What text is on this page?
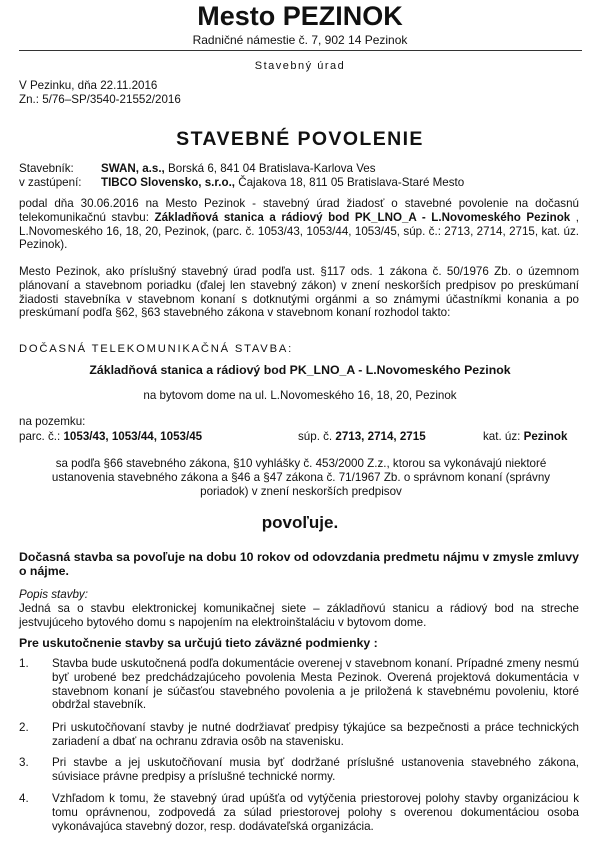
Mesto PEZINOK
Radničné námestie č. 7, 902 14 Pezinok
Stavebný úrad
V Pezinku, dňa 22.11.2016
Zn.: 5/76–SP/3540-21552/2016
STAVEBNÉ POVOLENIE
Stavebník: SWAN, a.s., Borská 6, 841 04 Bratislava-Karlova Ves
v zastúpení: TIBCO Slovensko, s.r.o., Čajakova 18, 811 05 Bratislava-Staré Mesto

podal dňa 30.06.2016 na Mesto Pezinok - stavebný úrad žiadosť o stavebné povolenie na dočasnú telekomunikačnú stavbu: Základňová stanica a rádiový bod PK_LNO_A - L.Novomeského Pezinok , L.Novomeského 16, 18, 20, Pezinok, (parc. č. 1053/43, 1053/44, 1053/45, súp. č.: 2713, 2714, 2715, kat. úz. Pezinok).

Mesto Pezinok, ako príslušný stavebný úrad podľa ust. §117 ods. 1 zákona č. 50/1976 Zb. o územnom plánovaní a stavebnom poriadku (ďalej len stavebný zákon) v znení neskorších predpisov po preskúmaní žiadosti stavebníka v stavebnom konaní s dotknutými orgánmi a so známymi účastníkmi konania a po preskúmaní podľa §62, §63 stavebného zákona v stavebnom konaní rozhodol takto:

DOČASNÁ TELEKOMUNIKAČNÁ STAVBA:
Základňová stanica a rádiový bod PK_LNO_A - L.Novomeského Pezinok
na bytovom dome na ul. L.Novomeského 16, 18, 20, Pezinok
na pozemku:
parc. č.: 1053/43, 1053/44, 1053/45	súp. č. 2713, 2714, 2715	kat. úz: Pezinok
sa podľa §66 stavebného zákona, §10 vyhlášky č. 453/2000 Z.z., ktorou sa vykonávajú niektoré ustanovenia stavebného zákona a §46 a §47 zákona č. 71/1967 Zb. o správnom konaní (správny poriadok) v znení neskorších predpisov
povoľuje.
Dočasná stavba sa povoľuje na dobu 10 rokov od odovzdania predmetu nájmu v zmysle zmluvy o nájme.
Popis stavby:
Jedná sa o stavbu elektronickej komunikačnej siete – základňovú stanicu a rádiový bod na streche jestvujúceho bytového domu s napojením na elektroinštaláciu v bytovom dome.
Pre uskutočnenie stavby sa určujú tieto záväzné podmienky :
1. Stavba bude uskutočnená podľa dokumentácie overenej v stavebnom konaní. Prípadné zmeny nesmú byť urobené bez predchádzajúceho povolenia Mesta Pezinok. Overená projektová dokumentácia v stavebnom konaní je súčasťou stavebného povolenia a je priložená k stavebnému povoleniu, ktoré obdržal stavebník.
2. Pri uskutočňovaní stavby je nutné dodržiavať predpisy týkajúce sa bezpečnosti a práce technických zariadení a dbať na ochranu zdravia osôb na stavenisku.
3. Pri stavbe a jej uskutočňovaní musia byť dodržané príslušné ustanovenia stavebného zákona, súvisiace právne predpisy a príslušné technické normy.
4. Vzhľadom k tomu, že stavebný úrad upúšťa od vytýčenia priestorovej polohy stavby organizáciou k tomu oprávnenou, zodpovedá za súlad priestorovej polohy s overenou dokumentáciou osoba vykonávajúca stavebný dozor, resp. dodávateľská organizácia.
